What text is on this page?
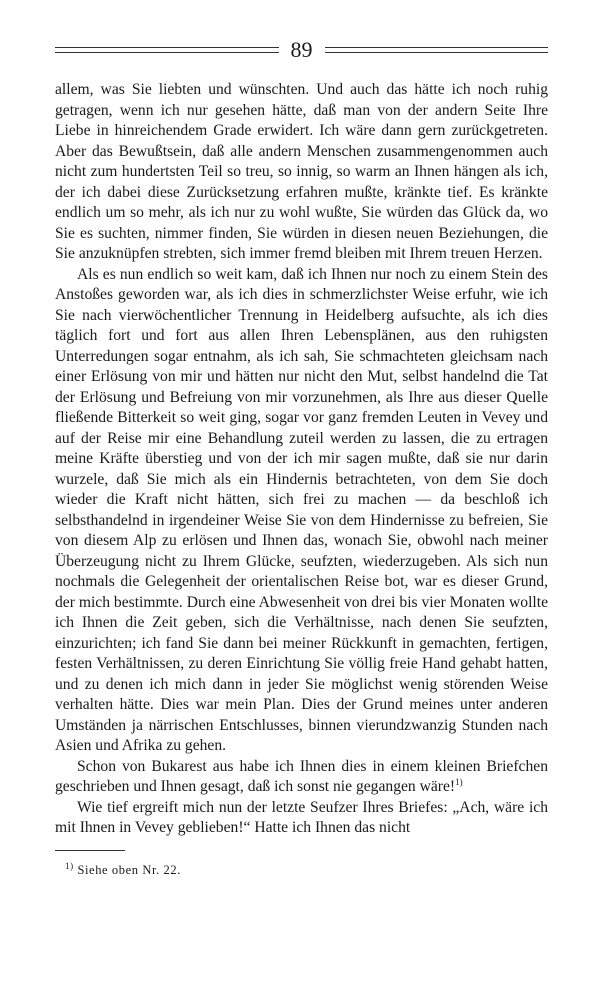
89

allem, was Sie liebten und wünschten. Und auch das hätte ich noch ruhig getragen, wenn ich nur gesehen hätte, daß man von der andern Seite Ihre Liebe in hinreichendem Grade erwidert. Ich wäre dann gern zurückgetreten. Aber das Bewußtsein, daß alle andern Menschen zusammengenommen auch nicht zum hundertsten Teil so treu, so innig, so warm an Ihnen hängen als ich, der ich dabei diese Zurücksetzung erfahren mußte, kränkte tief. Es kränkte endlich um so mehr, als ich nur zu wohl wußte, Sie würden das Glück da, wo Sie es suchten, nimmer finden, Sie würden in diesen neuen Beziehungen, die Sie anzuknüpfen strebten, sich immer fremd bleiben mit Ihrem treuen Herzen.

Als es nun endlich so weit kam, daß ich Ihnen nur noch zu einem Stein des Anstoßes geworden war, als ich dies in schmerzlichster Weise erfuhr, wie ich Sie nach vierwöchentlicher Trennung in Heidelberg aufsuchte, als ich dies täglich fort und fort aus allen Ihren Lebensplänen, aus den ruhigsten Unterredungen sogar entnahm, als ich sah, Sie schmachteten gleichsam nach einer Erlösung von mir und hätten nur nicht den Mut, selbst handelnd die Tat der Erlösung und Befreiung von mir vorzunehmen, als Ihre aus dieser Quelle fließende Bitterkeit so weit ging, sogar vor ganz fremden Leuten in Vevey und auf der Reise mir eine Behandlung zuteil werden zu lassen, die zu ertragen meine Kräfte überstieg und von der ich mir sagen mußte, daß sie nur darin wurzele, daß Sie mich als ein Hindernis betrachteten, von dem Sie doch wieder die Kraft nicht hätten, sich frei zu machen — da beschloß ich selbsthandelnd in irgendeiner Weise Sie von dem Hindernisse zu befreien, Sie von diesem Alp zu erlösen und Ihnen das, wonach Sie, obwohl nach meiner Überzeugung nicht zu Ihrem Glücke, seufzten, wiederzugeben. Als sich nun nochmals die Gelegenheit der orientalischen Reise bot, war es dieser Grund, der mich bestimmte. Durch eine Abwesenheit von drei bis vier Monaten wollte ich Ihnen die Zeit geben, sich die Verhältnisse, nach denen Sie seufzten, einzurichten; ich fand Sie dann bei meiner Rückkunft in gemachten, fertigen, festen Verhältnissen, zu deren Einrichtung Sie völlig freie Hand gehabt hatten, und zu denen ich mich dann in jeder Sie möglichst wenig störenden Weise verhalten hätte. Dies war mein Plan. Dies der Grund meines unter anderen Umständen ja närrischen Entschlusses, binnen vierundzwanzig Stunden nach Asien und Afrika zu gehen.

Schon von Bukarest aus habe ich Ihnen dies in einem kleinen Briefchen geschrieben und Ihnen gesagt, daß ich sonst nie gegangen wäre!$^{1)}$

Wie tief ergreift mich nun der letzte Seufzer Ihres Briefes: „Ach, wäre ich mit Ihnen in Vevey geblieben!“ Hatte ich Ihnen das nicht

$^{1)}$ Siehe oben Nr. 22.
